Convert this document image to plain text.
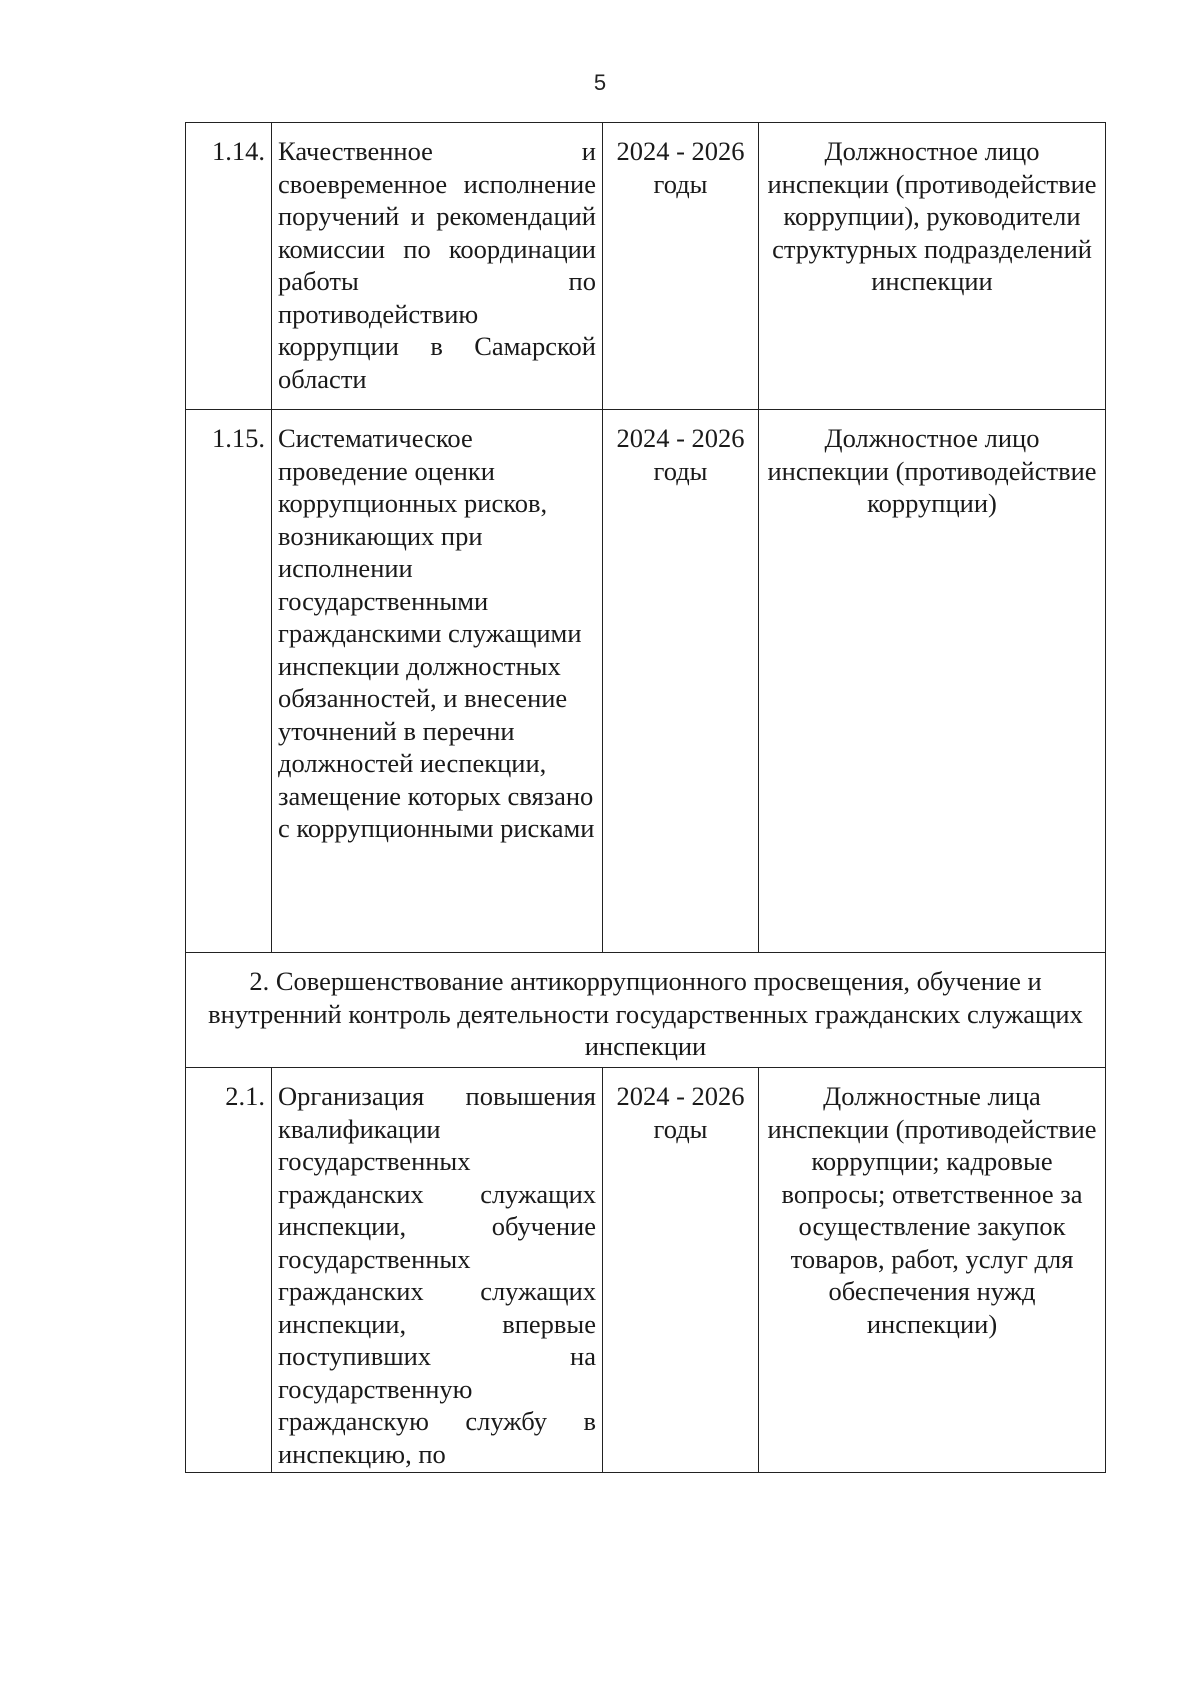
5
1.14.	Качественное и своевременное исполнение поручений и рекомендаций комиссии по координации работы по противодействию коррупции в Самарской области	2024 - 2026 годы	Должностное лицо инспекции (противодействие коррупции), руководители структурных подразделений инспекции
1.15.	Систематическое проведение оценки коррупционных рисков, возникающих при исполнении государственными гражданскими служащими инспекции должностных обязанностей, и внесение уточнений в перечни должностей иеспекции, замещение которых связано с коррупционными рисками	2024 - 2026 годы	Должностное лицо инспекции (противодействие коррупции)
2. Совершенствование антикоррупционного просвещения, обучение и внутренний контроль деятельности государственных гражданских служащих инспекции			
2.1.	Организация повышения квалификации государственных гражданских служащих инспекции, обучение государственных гражданских служащих инспекции, впервые поступивших на государственную гражданскую службу в инспекцию, по	2024 - 2026 годы	Должностные лица инспекции (противодействие коррупции; кадровые вопросы; ответственное за осуществление закупок товаров, работ, услуг для обеспечения нужд инспекции)
